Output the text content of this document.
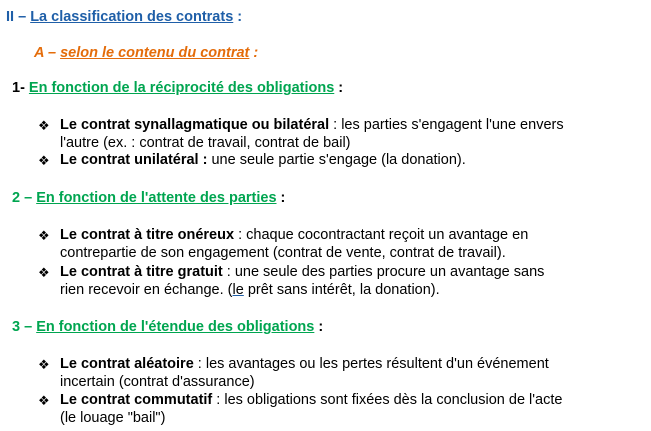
II – La classification des contrats :
A – selon le contenu du contrat :
1- En fonction de la réciprocité des obligations :
❖ Le contrat synallagmatique ou bilatéral : les parties s'engagent l'une envers
l'autre (ex. : contrat de travail, contrat de bail)
❖ Le contrat unilatéral : une seule partie s'engage (la donation).
2 – En fonction de l'attente des parties :
❖ Le contrat à titre onéreux : chaque cocontractant reçoit un avantage en
contrepartie de son engagement (contrat de vente, contrat de travail).
❖ Le contrat à titre gratuit : une seule des parties procure un avantage sans
rien recevoir en échange. (le prêt sans intérêt, la donation).
3 – En fonction de l'étendue des obligations :
❖ Le contrat aléatoire : les avantages ou les pertes résultent d'un événement
incertain (contrat d'assurance)
❖ Le contrat commutatif : les obligations sont fixées dès la conclusion de l'acte
(le louage "bail")
